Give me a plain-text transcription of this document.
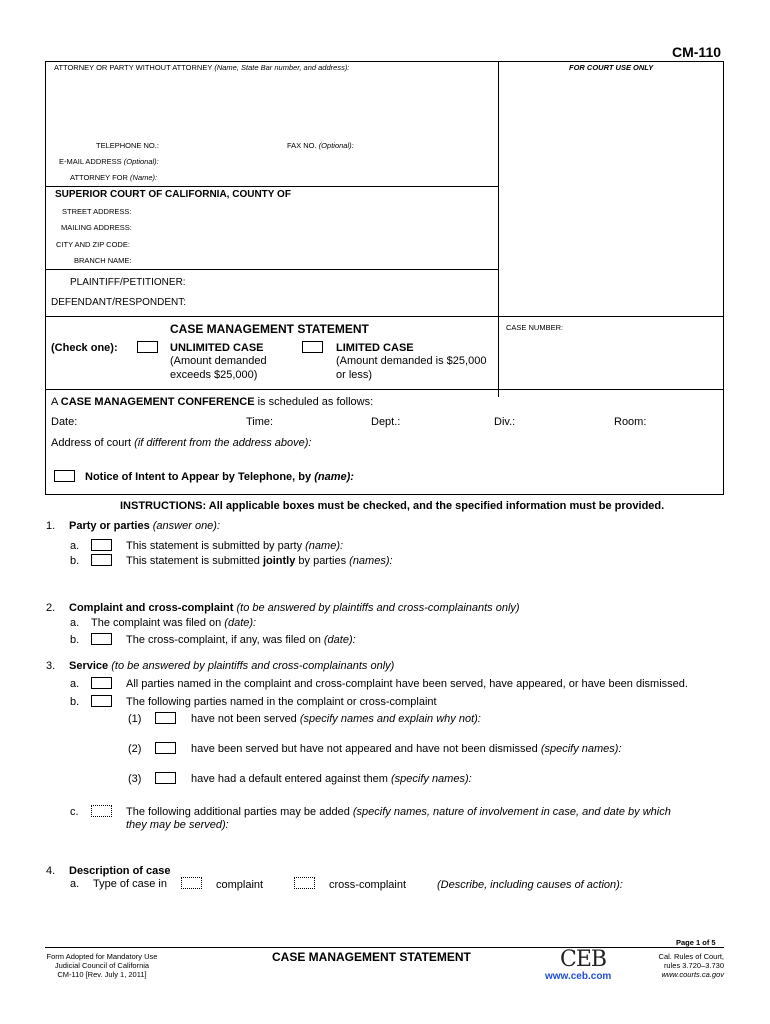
CM-110
ATTORNEY OR PARTY WITHOUT ATTORNEY (Name, State Bar number, and address):	FOR COURT USE ONLY
TELEPHONE NO.:	FAX NO. (Optional):
E-MAIL ADDRESS (Optional):
ATTORNEY FOR (Name):
SUPERIOR COURT OF CALIFORNIA, COUNTY OF
STREET ADDRESS:
MAILING ADDRESS:
CITY AND ZIP CODE:
BRANCH NAME:
PLAINTIFF/PETITIONER:
DEFENDANT/RESPONDENT:
CASE MANAGEMENT STATEMENT	CASE NUMBER:
(Check one):	UNLIMITED CASE
(Amount demanded
exceeds $25,000)
LIMITED CASE
(Amount demanded is $25,000
or less)
A CASE MANAGEMENT CONFERENCE is scheduled as follows:
Date:	Time:	Dept.:	Div.:	Room:
Address of court (if different from the address above):
Notice of Intent to Appear by Telephone, by (name):
INSTRUCTIONS: All applicable boxes must be checked, and the specified information must be provided.
1. Party or parties (answer one):
a.	This statement is submitted by party (name):
b.	This statement is submitted jointly by parties (names):
2. Complaint and cross-complaint (to be answered by plaintiffs and cross-complainants only)
a. The complaint was filed on (date):
b.	The cross-complaint, if any, was filed on (date):
3. Service (to be answered by plaintiffs and cross-complainants only)
a.	All parties named in the complaint and cross-complaint have been served, have appeared, or have been dismissed.
b.	The following parties named in the complaint or cross-complaint
(1)	have not been served (specify names and explain why not):
(2)	have been served but have not appeared and have not been dismissed (specify names):
(3)	have had a default entered against them (specify names):
c.	The following additional parties may be added (specify names, nature of involvement in case, and date by which
they may be served):
4. Description of case
a. Type of case in	complaint	cross-complaint	(Describe, including causes of action):
Page 1 of 5
Form Adopted for Mandatory Use
Judicial Council of California
CM-110 [Rev. July 1, 2011]
CASE MANAGEMENT STATEMENT	CEB
www.ceb.com
Cal. Rules of Court,
rules 3.720–3.730
www.courts.ca.gov
